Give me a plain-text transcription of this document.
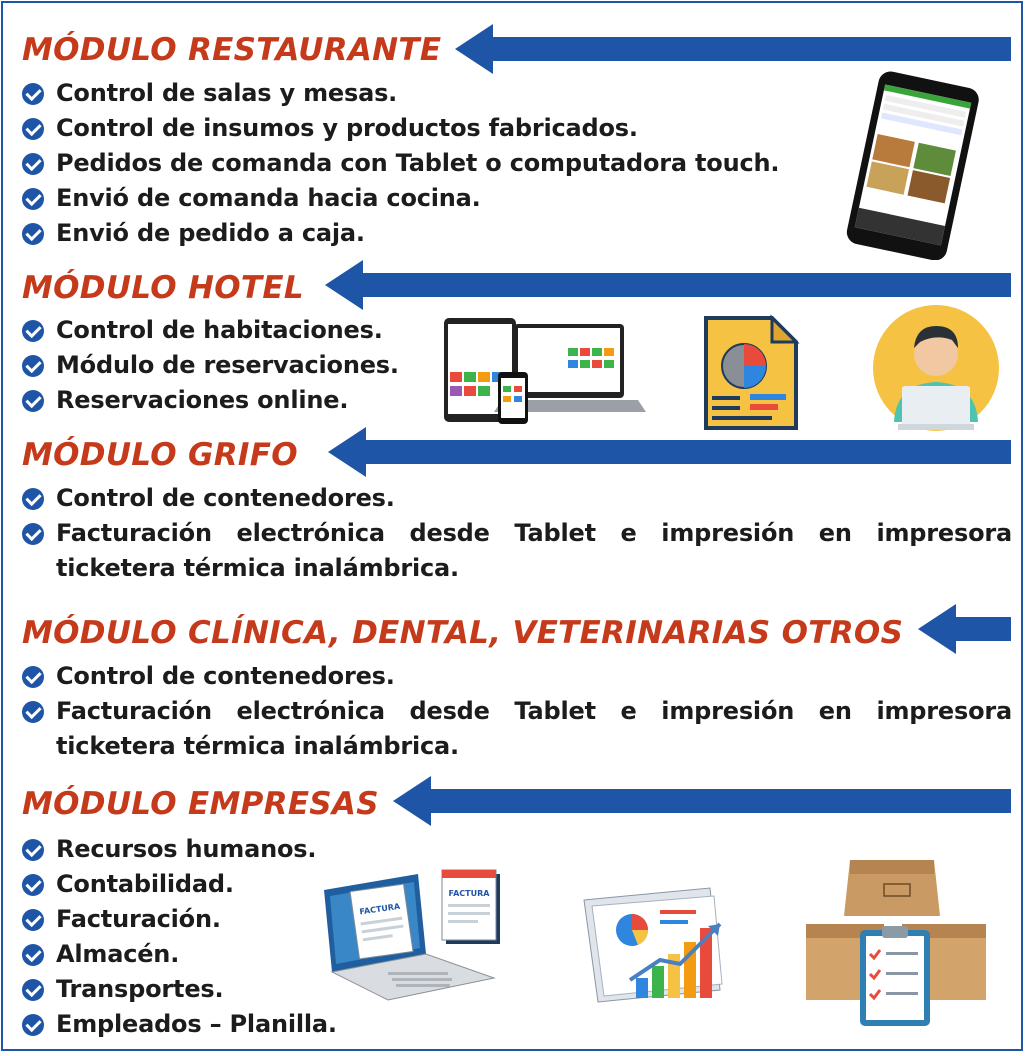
MÓDULO RESTAURANTE
Control de salas y mesas.
Control de insumos y productos fabricados.
Pedidos de comanda con Tablet o computadora touch.
Envió de comanda hacia cocina.
Envió de pedido a caja.
MÓDULO HOTEL
Control de habitaciones.
Módulo de reservaciones.
Reservaciones online.
MÓDULO GRIFO
Control de contenedores.
Facturación electrónica desde Tablet e impresión en impresora ticketera térmica inalámbrica.
MÓDULO CLÍNICA, DENTAL, VETERINARIAS OTROS
Control de contenedores.
Facturación electrónica desde Tablet e impresión en impresora ticketera térmica inalámbrica.
MÓDULO EMPRESAS
Recursos humanos.
Contabilidad.
Facturación.
Almacén.
Transportes.
Empleados – Planilla.
FACTURA
FACTURA
